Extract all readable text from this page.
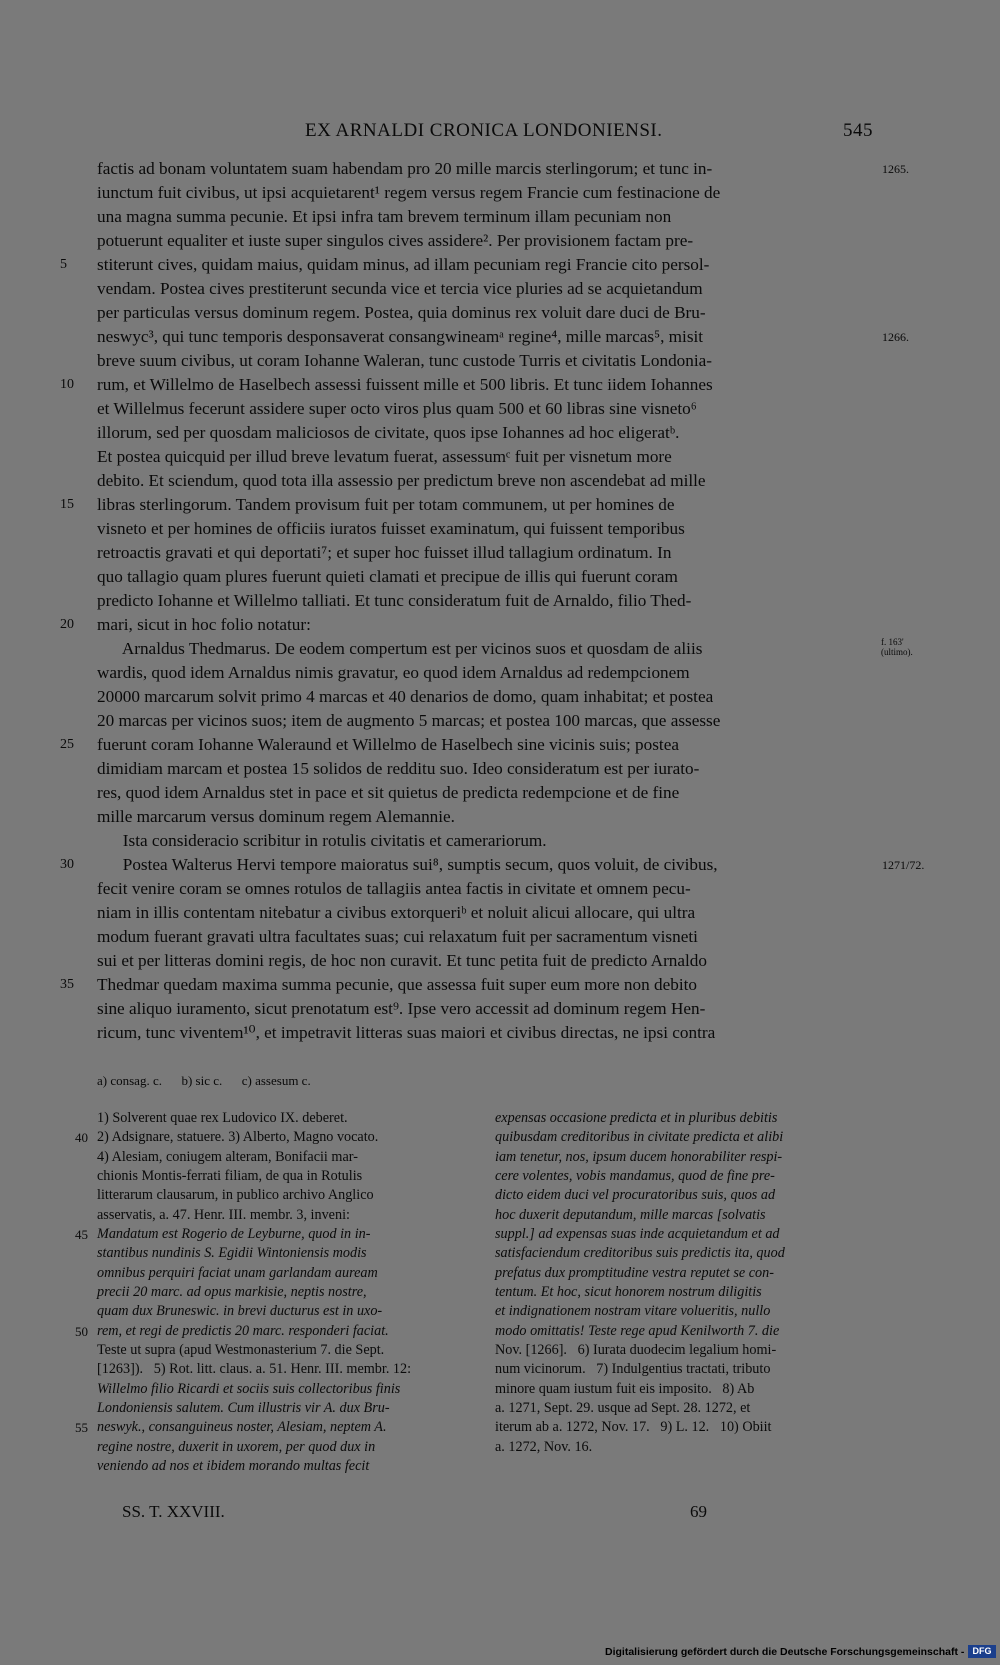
EX ARNALDI CRONICA LONDONIENSI.	545
factis ad bonam voluntatem suam habendam pro 20 mille marcis sterlingorum; et tunc in-
iunctum fuit civibus, ut ipsi acquietarent¹ regem versus regem Francie cum festinacione de
una magna summa pecunie. Et ipsi infra tam brevem terminum illam pecuniam non
potuerunt equaliter et iuste super singulos cives assidere². Per provisionem factam pre-
stiterunt cives, quidam maius, quidam minus, ad illam pecuniam regi Francie cito persol-
vendam. Postea cives prestiterunt secunda vice et tercia vice pluries ad se acquietandum
per particulas versus dominum regem. Postea, quia dominus rex voluit dare duci de Bru-
neswyc³, qui tunc temporis desponsaverat consangwineamᵃ regine⁴, mille marcas⁵, misit
breve suum civibus, ut coram Iohanne Waleran, tunc custode Turris et civitatis Londonia-
rum, et Willelmo de Haselbech assessi fuissent mille et 500 libris. Et tunc iidem Iohannes
et Willelmus fecerunt assidere super octo viros plus quam 500 et 60 libras sine visneto⁶
illorum, sed per quosdam maliciosos de civitate, quos ipse Iohannes ad hoc eligeratᵇ.
Et postea quicquid per illud breve levatum fuerat, assessumᶜ fuit per visnetum more
debito. Et sciendum, quod tota illa assessio per predictum breve non ascendebat ad mille
libras sterlingorum. Tandem provisum fuit per totam communem, ut per homines de
visneto et per homines de officiis iuratos fuisset examinatum, qui fuissent temporibus
retroactis gravati et qui deportati⁷; et super hoc fuisset illud tallagium ordinatum. In
quo tallagio quam plures fuerunt quieti clamati et precipue de illis qui fuerunt coram
predicto Iohanne et Willelmo talliati. Et tunc consideratum fuit de Arnaldo, filio Thed-
mari, sicut in hoc folio notatur:
Arnaldus Thedmarus. De eodem compertum est per vicinos suos et quosdam de aliis
wardis, quod idem Arnaldus nimis gravatur, eo quod idem Arnaldus ad redempcionem
20000 marcarum solvit primo 4 marcas et 40 denarios de domo, quam inhabitat; et postea
20 marcas per vicinos suos; item de augmento 5 marcas; et postea 100 marcas, que assesse
fuerunt coram Iohanne Waleraund et Willelmo de Haselbech sine vicinis suis; postea
dimidiam marcam et postea 15 solidos de redditu suo. Ideo consideratum est per iurato-
res, quod idem Arnaldus stet in pace et sit quietus de predicta redempcione et de fine
mille marcarum versus dominum regem Alemannie.
Ista consideracio scribitur in rotulis civitatis et camerariorum.
Postea Walterus Hervi tempore maioratus sui⁸, sumptis secum, quos voluit, de civibus,
fecit venire coram se omnes rotulos de tallagiis antea factis in civitate et omnem pecu-
niam in illis contentam nitebatur a civibus extorqueriᵇ et noluit alicui allocare, qui ultra
modum fuerant gravati ultra facultates suas; cui relaxatum fuit per sacramentum visneti
sui et per litteras domini regis, de hoc non curavit. Et tunc petita fuit de predicto Arnaldo
Thedmar quedam maxima summa pecunie, que assessa fuit super eum more non debito
sine aliquo iuramento, sicut prenotatum est⁹. Ipse vero accessit ad dominum regem Hen-
ricum, tunc viventem¹⁰, et impetravit litteras suas maiori et civibus directas, ne ipsi contra
5
10
15
20
25
30
35
1265.
1266.
f. 163' (ultimo).
1271/72.
a) consag. c.      b) sic c.      c) assesum c.
1) Solverent quae rex Ludovico IX. deberet.
2) Adsignare, statuere. 3) Alberto, Magno vocato.
4) Alesiam, coniugem alteram, Bonifacii mar-
chionis Montis-ferrati filiam, de qua in Rotulis
litterarum clausarum, in publico archivo Anglico
asservatis, a. 47. Henr. III. membr. 3, inveni:
Mandatum est Rogerio de Leyburne, quod in in-
stantibus nundinis S. Egidii Wintoniensis modis
omnibus perquiri faciat unam garlandam auream
precii 20 marc. ad opus markisie, neptis nostre,
quam dux Bruneswic. in brevi ducturus est in uxo-
rem, et regi de predictis 20 marc. responderi faciat.
Teste ut supra (apud Westmonasterium 7. die Sept.
[1263]).   5) Rot. litt. claus. a. 51. Henr. III. membr. 12:
Willelmo filio Ricardi et sociis suis collectoribus finis
Londoniensis salutem. Cum illustris vir A. dux Bru-
neswyk., consanguineus noster, Alesiam, neptem A.
regine nostre, duxerit in uxorem, per quod dux in
veniendo ad nos et ibidem morando multas fecit
expensas occasione predicta et in pluribus debitis
quibusdam creditoribus in civitate predicta et alibi
iam tenetur, nos, ipsum ducem honorabiliter respi-
cere volentes, vobis mandamus, quod de fine pre-
dicto eidem duci vel procuratoribus suis, quos ad
hoc duxerit deputandum, mille marcas [solvatis
suppl.] ad expensas suas inde acquietandum et ad
satisfaciendum creditoribus suis predictis ita, quod
prefatus dux promptitudine vestra reputet se con-
tentum. Et hoc, sicut honorem nostrum diligitis
et indignationem nostram vitare volueritis, nullo
modo omittatis! Teste rege apud Kenilworth 7. die
Nov. [1266].   6) Iurata duodecim legalium homi-
num vicinorum.   7) Indulgentius tractati, tributo
minore quam iustum fuit eis imposito.   8) Ab
a. 1271, Sept. 29. usque ad Sept. 28. 1272, et
iterum ab a. 1272, Nov. 17.   9) L. 12.   10) Obiit
a. 1272, Nov. 16.
40
45
50
55
SS. T. XXVIII.	69
Digitalisierung gefördert durch die Deutsche Forschungsgemeinschaft - DFG
